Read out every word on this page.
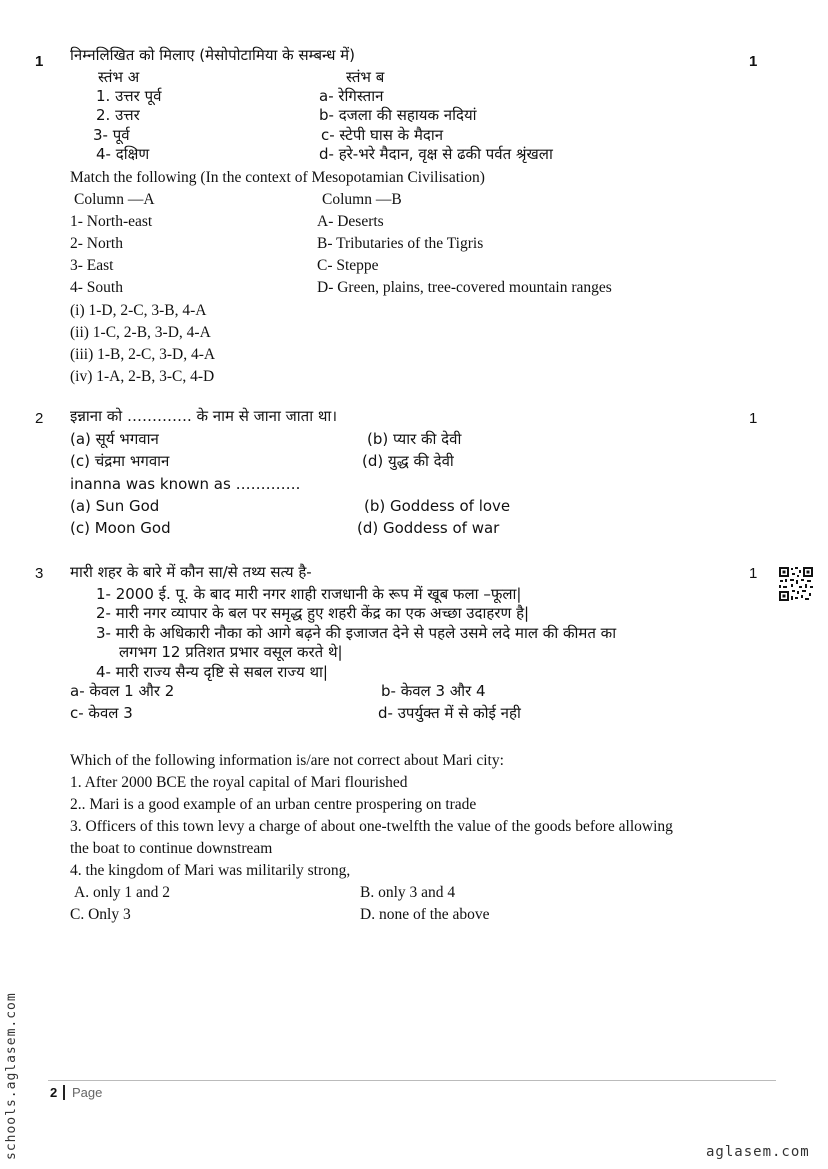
1	1
निम्नलिखित को मिलाए (मेसोपोटामिया के सम्बन्ध में)
स्तंभ अ	स्तंभ ब
1. उत्तर पूर्व	a- रेगिस्तान
2. उत्तर	b- दजला की सहायक नदियां
3- पूर्व	c- स्टेपी घास के मैदान
4- दक्षिण	d- हरे-भरे मैदान, वृक्ष से ढकी पर्वत श्रृंखला
Match the following (In the context of Mesopotamian Civilisation)
Column —A	Column —B
1- North-east	A- Deserts
2- North	B- Tributaries of the Tigris
3- East	C- Steppe
4- South	D- Green, plains, tree-covered mountain ranges
(i) 1-D, 2-C, 3-B, 4-A
(ii) 1-C, 2-B, 3-D, 4-A
(iii) 1-B, 2-C, 3-D, 4-A
(iv) 1-A, 2-B, 3-C, 4-D
2	1
इन्नाना को …………. के नाम से जाना जाता था।
(a) सूर्य भगवान	(b) प्यार की देवी
(c) चंद्रमा भगवान	(d) युद्ध की देवी
inanna was known as ………….
(a) Sun God	(b) Goddess of love
(c) Moon God	(d) Goddess of war
3	1
मारी शहर के बारे में कौन सा/से तथ्य सत्य है-
1- 2000 ई. पू. के बाद मारी नगर शाही राजधानी के रूप में खूब फला –फूला|
2- मारी नगर व्यापार के बल पर समृद्ध हुए शहरी केंद्र का एक अच्छा उदाहरण है|
3- मारी के अधिकारी नौका को आगे बढ़ने की इजाजत देने से पहले उसमे लदे माल की कीमत का
लगभग 12 प्रतिशत प्रभार वसूल करते थे|
4- मारी राज्य सैन्य दृष्टि से सबल राज्य था|
a- केवल 1 और 2	b- केवल 3 और 4
c- केवल 3	d- उपर्युक्त में से कोई नही
Which of the following information is/are not correct about Mari city:
1. After 2000 BCE the royal capital of Mari flourished
2.. Mari is a good example of an urban centre prospering on trade
3. Officers of this town levy a charge of about one-twelfth the value of the goods before allowing
the boat to continue downstream
4. the kingdom of Mari was militarily strong,
A. only 1 and 2	B. only 3 and 4
C. Only 3	D. none of the above
2 Page
schools.aglasem.com	aglasem.com
